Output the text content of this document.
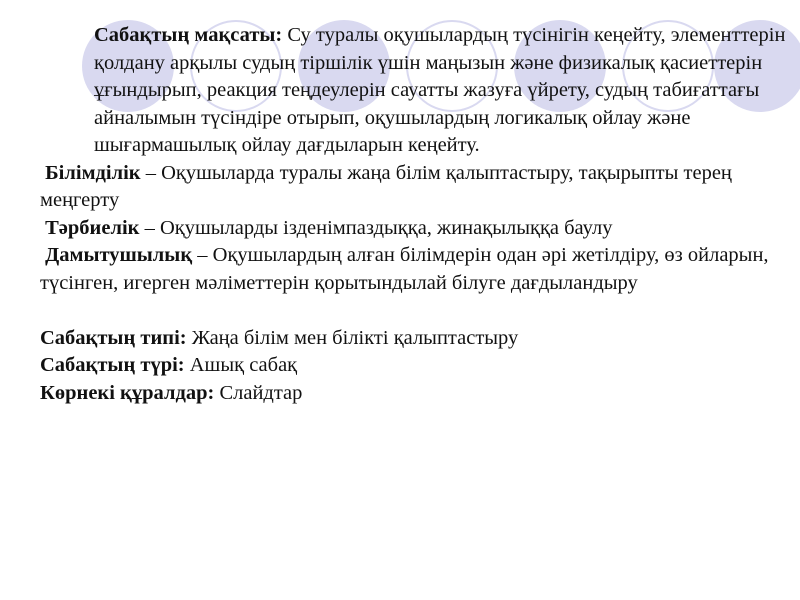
Сабақтың мақсаты: Су туралы оқушылардың түсінігін кеңейту, элементтерін қолдану арқылы судың тіршілік үшін маңызын және физикалық қасиеттерін ұғындырып, реакция теңдеулерін сауатты жазуға үйрету, судың табиғаттағы айналымын түсіндіре отырып, оқушылардың логикалық ойлау және шығармашылық ойлау дағдыларын кеңейту.

Білімділік – Оқушыларда туралы жаңа білім қалыптастыру, тақырыпты терең меңгерту

Тәрбиелік – Оқушыларды ізденімпаздыққа, жинақылыққа баулу

Дамытушылық – Оқушылардың алған білімдерін одан әрі жетілдіру, өз ойларын, түсінген, игерген мәліметтерін қорытындылай білуге дағдыландыру

Сабақтың типі: Жаңа білім мен білікті қалыптастыру

Сабақтың түрі: Ашық сабақ

Көрнекі құралдар: Слайдтар
